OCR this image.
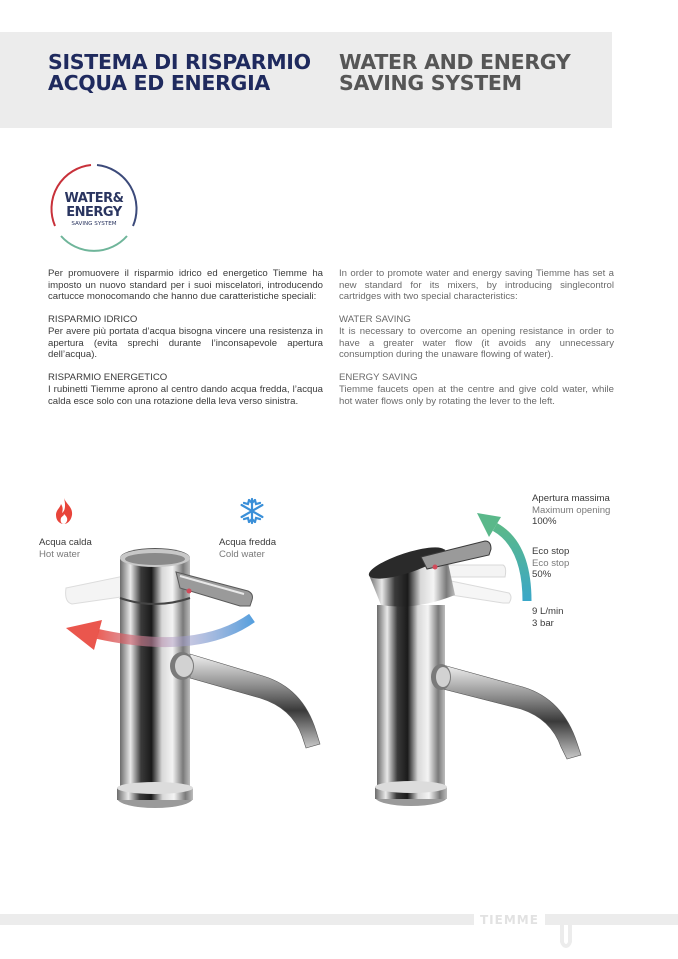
SISTEMA DI RISPARMIO
ACQUA ED ENERGIA
WATER AND ENERGY
SAVING SYSTEM
WATER&
ENERGY
SAVING SYSTEM

Per promuovere il risparmio idrico ed energetico Tiemme ha imposto un nuovo standard per i suoi miscelatori, introducendo cartucce monocomando che hanno due caratteristiche speciali:

RISPARMIO IDRICO
Per avere più portata d’acqua bisogna vincere una resistenza in apertura (evita sprechi durante l’inconsapevole apertura dell’acqua).

RISPARMIO ENERGETICO
I rubinetti Tiemme aprono al centro dando acqua fredda, l’acqua calda esce solo con una rotazione della leva verso sinistra.

In order to promote water and energy saving Tiemme has set a new standard for its mixers, by introducing singlecontrol cartridges with two special characteristics:

WATER SAVING
It is necessary to overcome an opening resistance in order to have a greater water flow (it avoids any unnecessary consumption during the unaware flowing of water).

ENERGY SAVING
Tiemme faucets open at the centre and give cold water, while hot water flows only by rotating the lever to the left.

Acqua calda
Hot water
Acqua fredda
Cold water
Apertura massima
Maximum opening
100%
Eco stop
Eco stop
50%
9 L/min
3 bar
TIEMME
